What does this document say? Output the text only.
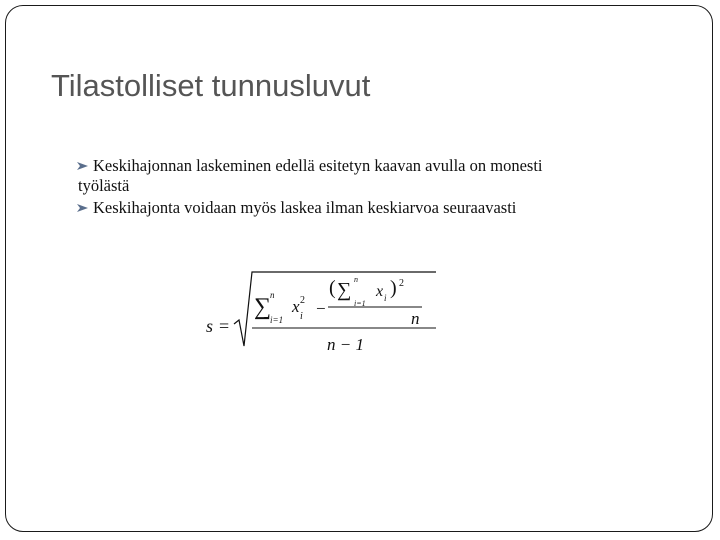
Tilastolliset tunnusluvut
Keskihajonnan laskeminen edellä esitetyn kaavan avulla on monesti
työlästä
Keskihajonta voidaan myös laskea ilman keskiarvoa seuraavasti
s =
∑
n
i=1
x 2
i −
( ∑ n
i=1
x i ) 2
n
n − 1
